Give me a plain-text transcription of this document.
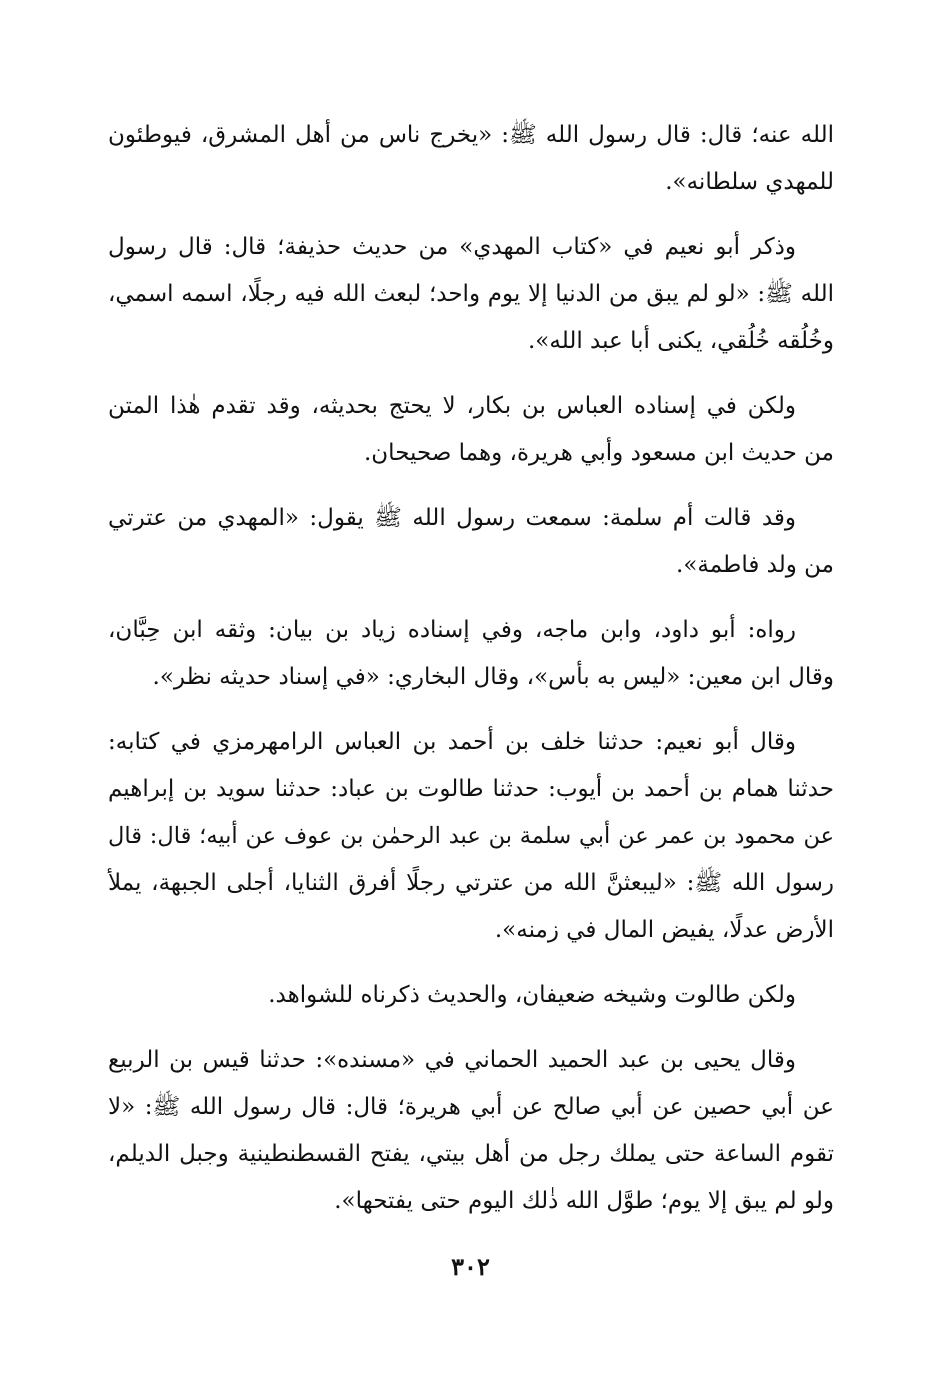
الله عنه؛ قال: قال رسول الله ﷺ: «يخرج ناس من أهل المشرق، فيوطئون
للمهدي سلطانه».

وذكر أبو نعيم في «كتاب المهدي» من حديث حذيفة؛ قال: قال رسول
الله ﷺ: «لو لم يبق من الدنيا إلا يوم واحد؛ لبعث الله فيه رجلًا، اسمه اسمي،
وخُلُقه خُلُقي، يكنى أبا عبد الله».

ولكن في إسناده العباس بن بكار، لا يحتج بحديثه، وقد تقدم هٰذا المتن
من حديث ابن مسعود وأبي هريرة، وهما صحيحان.

وقد قالت أم سلمة: سمعت رسول الله ﷺ يقول: «المهدي من عترتي
من ولد فاطمة».

رواه: أبو داود، وابن ماجه، وفي إسناده زياد بن بيان: وثقه ابن حِبَّان،
وقال ابن معين: «ليس به بأس»، وقال البخاري: «في إسناد حديثه نظر».

وقال أبو نعيم: حدثنا خلف بن أحمد بن العباس الرامهرمزي في كتابه:
حدثنا همام بن أحمد بن أيوب: حدثنا طالوت بن عباد: حدثنا سويد بن إبراهيم
عن محمود بن عمر عن أبي سلمة بن عبد الرحمٰن بن عوف عن أبيه؛ قال: قال
رسول الله ﷺ: «ليبعثنَّ الله من عترتي رجلًا أفرق الثنايا، أجلى الجبهة، يملأ
الأرض عدلًا، يفيض المال في زمنه».

ولكن طالوت وشيخه ضعيفان، والحديث ذكرناه للشواهد.

وقال يحيى بن عبد الحميد الحماني في «مسنده»: حدثنا قيس بن الربيع
عن أبي حصين عن أبي صالح عن أبي هريرة؛ قال: قال رسول الله ﷺ: «لا
تقوم الساعة حتى يملك رجل من أهل بيتي، يفتح القسطنطينية وجبل الديلم،
ولو لم يبق إلا يوم؛ طوَّل الله ذٰلك اليوم حتى يفتحها».

٣٠٢
